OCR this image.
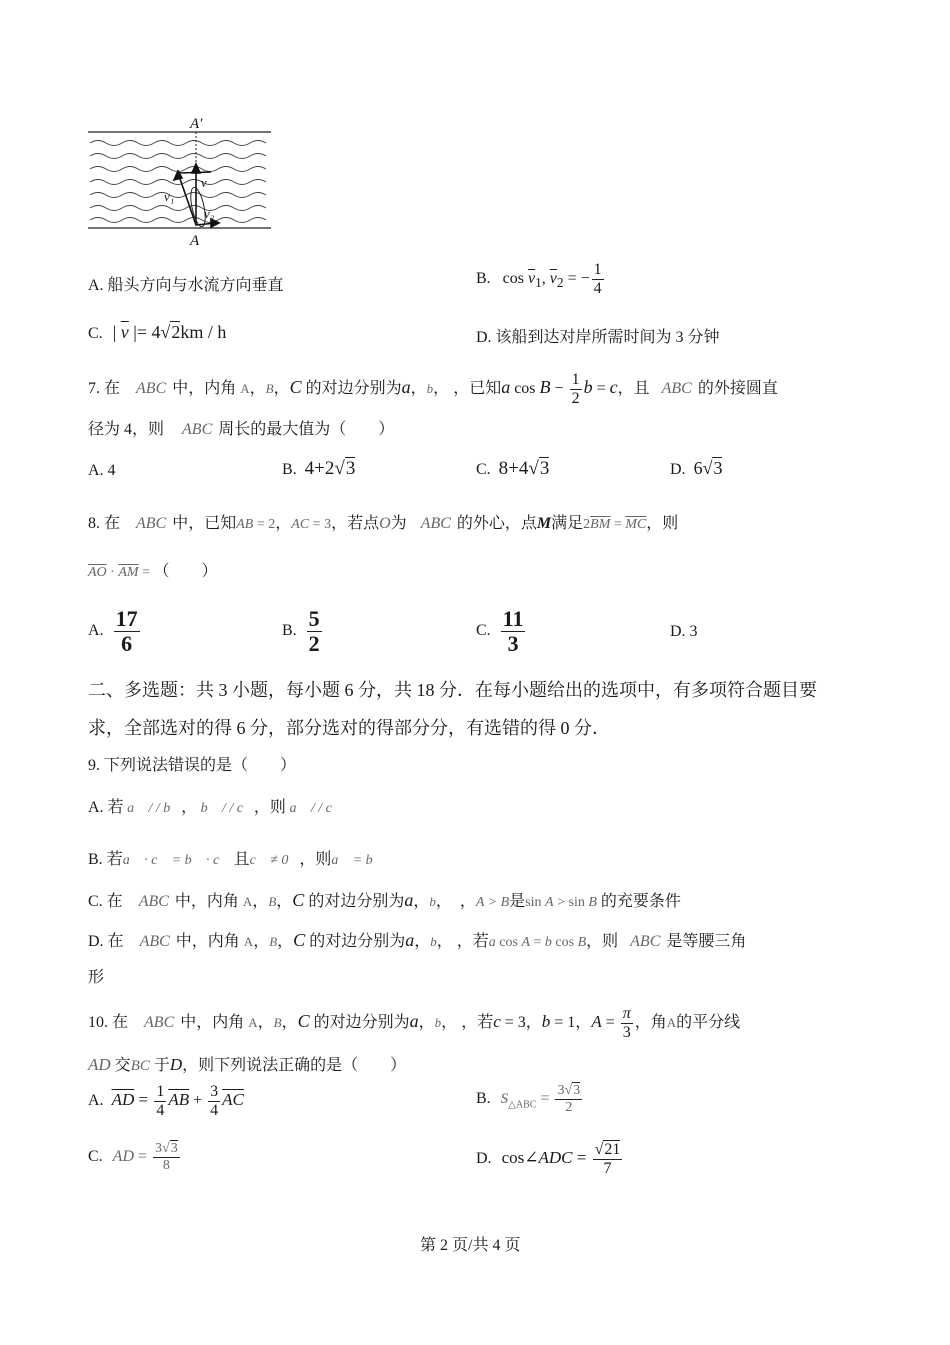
A′
A
v
v₁
v₂
A. 船头方向与水流方向垂直	B. $\cos \overline{v}_1$, $\overline{v}_2$ = − $\frac{1}{4}$
C. | $\overline{v}$ |= 4√2km / h	D. 该船到达对岸所需时间为 3 分钟
7. 在 ABC 中，内角 A，B，C 的对边分别为a，b， ，已知a $\cos B - \frac{1}{2}$ b = c，且 ABC 的外接圆直
径为 4，则 ABC 周长的最大值为（　　）
A. 4	B. 4+2√3	C. 8+4√3	D. 6√3
8. 在 ABC 中，已知AB = 2，AC = 3，若点O为 ABC 的外心，点M满足$2\overline{BM} = \overline{MC}$，则
$\overline{AO} \cdot \overline{AM}$ = （　　）
A. $\frac{17}{6}$	B. $\frac{5}{2}$	C. $\frac{11}{3}$	D. 3
二、多选题：共 3 小题，每小题 6 分，共 18 分．在每小题给出的选项中，有多项符合题目要
求，全部选对的得 6 分，部分选对的得部分分，有选错的得 0 分．
9. 下列说法错误的是（　　）
A. 若 a⃗ / / b⃗， b⃗ / / c⃗，则 a⃗ / / c⃗
B. 若a⃗ · c⃗ = b⃗ · c⃗ 且c⃗ ≠ 0⃗，则a⃗ = b⃗
C. 在 ABC 中，内角 A，B，C 的对边分别为a，b，　，A > B是sin A > sin B 的充要条件
D. 在 ABC 中，内角 A，B，C 的对边分别为a，b， ，若a cos A = b cos B，则 ABC 是等腰三角
形
10. 在 ABC 中，内角 A，B，C 的对边分别为a，b， ，若c = 3，b = 1，$A = \frac{\pi}{3}$ ，角A的平分线
AD 交BC 于D，则下列说法正确的是（　　）
A. $\overline{AD} = \frac{1}{4} \overline{AB} + \frac{3}{4} \overline{AC}$	B. $S_{\triangle ABC} = \frac{3√3}{2}$
C. AD = $\frac{3√3}{8}$	D. cos∠ADC = $\frac{√21}{7}$
第 2 页/共 4 页
